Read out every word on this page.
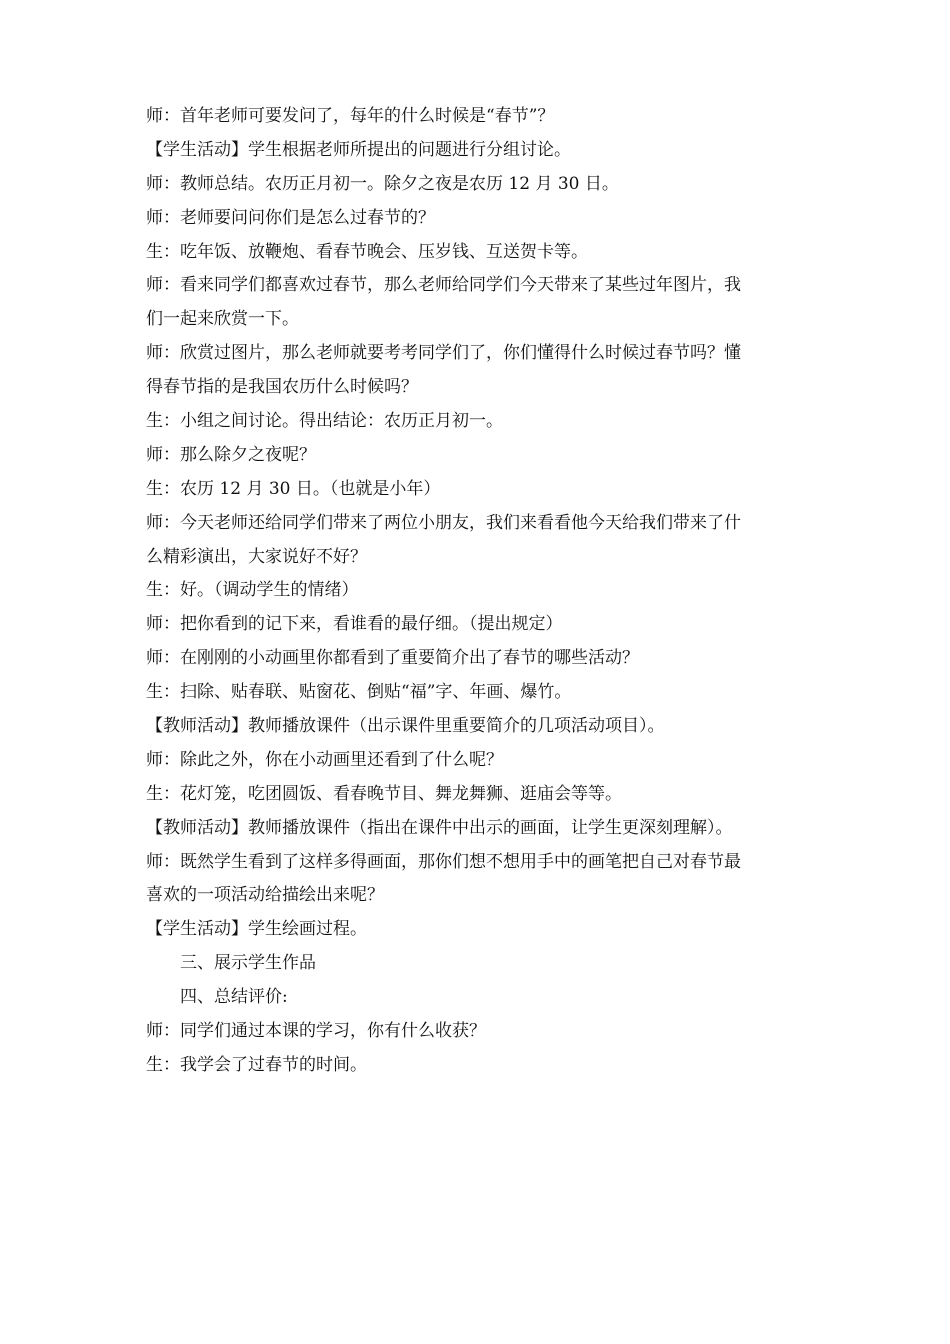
师：首年老师可要发问了，每年的什么时候是“春节”？
【学生活动】学生根据老师所提出的问题进行分组讨论。
师：教师总结。农历正月初一。除夕之夜是农历 12 月 30 日。
师：老师要问问你们是怎么过春节的？
生：吃年饭、放鞭炮、看春节晚会、压岁钱、互送贺卡等。
师：看来同学们都喜欢过春节，那么老师给同学们今天带来了某些过年图片，我
们一起来欣赏一下。
师：欣赏过图片，那么老师就要考考同学们了，你们懂得什么时候过春节吗？懂
得春节指的是我国农历什么时候吗？
生：小组之间讨论。得出结论：农历正月初一。
师：那么除夕之夜呢？
生：农历 12 月 30 日。（也就是小年）
师：今天老师还给同学们带来了两位小朋友，我们来看看他今天给我们带来了什
么精彩演出，大家说好不好？
生：好。（调动学生的情绪）
师：把你看到的记下来，看谁看的最仔细。（提出规定）
师：在刚刚的小动画里你都看到了重要简介出了春节的哪些活动？
生：扫除、贴春联、贴窗花、倒贴“福”字、年画、爆竹。
【教师活动】教师播放课件（出示课件里重要简介的几项活动项目）。
师：除此之外，你在小动画里还看到了什么呢？
生：花灯笼，吃团圆饭、看春晚节目、舞龙舞狮、逛庙会等等。
【教师活动】教师播放课件（指出在课件中出示的画面，让学生更深刻理解）。
师：既然学生看到了这样多得画面，那你们想不想用手中的画笔把自己对春节最
喜欢的一项活动给描绘出来呢？
【学生活动】学生绘画过程。
三、展示学生作品
四、总结评价:
师：同学们通过本课的学习，你有什么收获？
生：我学会了过春节的时间。
